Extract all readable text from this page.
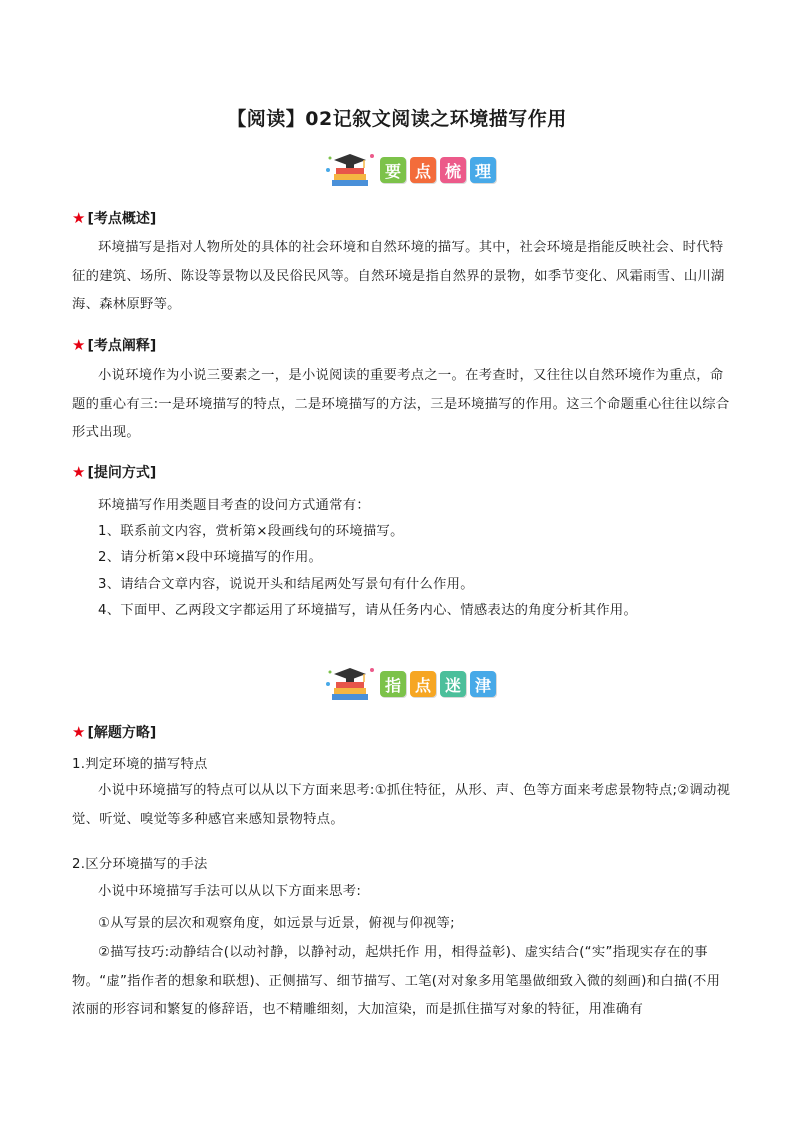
【阅读】02记叙文阅读之环境描写作用
要 点 梳 理
★ [考点概述]

环境描写是指对人物所处的具体的社会环境和自然环境的描写。其中，社会环境是指能反映社会、时代特征的建筑、场所、陈设等景物以及民俗民风等。自然环境是指自然界的景物，如季节变化、风霜雨雪、山川湖海、森林原野等。

★ [考点阐释]

小说环境作为小说三要素之一，是小说阅读的重要考点之一。在考查时，又往往以自然环境作为重点，命题的重心有三:一是环境描写的特点，二是环境描写的方法，三是环境描写的作用。这三个命题重心往往以综合形式出现。

★ [提问方式]

环境描写作用类题目考查的设问方式通常有：

1、联系前文内容，赏析第×段画线句的环境描写。

2、请分析第×段中环境描写的作用。

3、请结合文章内容，说说开头和结尾两处写景句有什么作用。

4、下面甲、乙两段文字都运用了环境描写，请从任务内心、情感表达的角度分析其作用。

指 点 迷 津
★ [解题方略]

1.判定环境的描写特点

小说中环境描写的特点可以从以下方面来思考:①抓住特征，从形、声、色等方面来考虑景物特点;②调动视觉、听觉、嗅觉等多种感官来感知景物特点。

2.区分环境描写的手法

小说中环境描写手法可以从以下方面来思考:

①从写景的层次和观察角度，如远景与近景，俯视与仰视等;

②描写技巧:动静结合(以动衬静，以静衬动，起烘托作 用，相得益彰)、虚实结合(“实”指现实存在的事物。“虚”指作者的想象和联想)、正侧描写、细节描写、工笔(对对象多用笔墨做细致入微的刻画)和白描(不用浓丽的形容词和繁复的修辞语，也不精雕细刻，大加渲染，而是抓住描写对象的特征，用准确有
